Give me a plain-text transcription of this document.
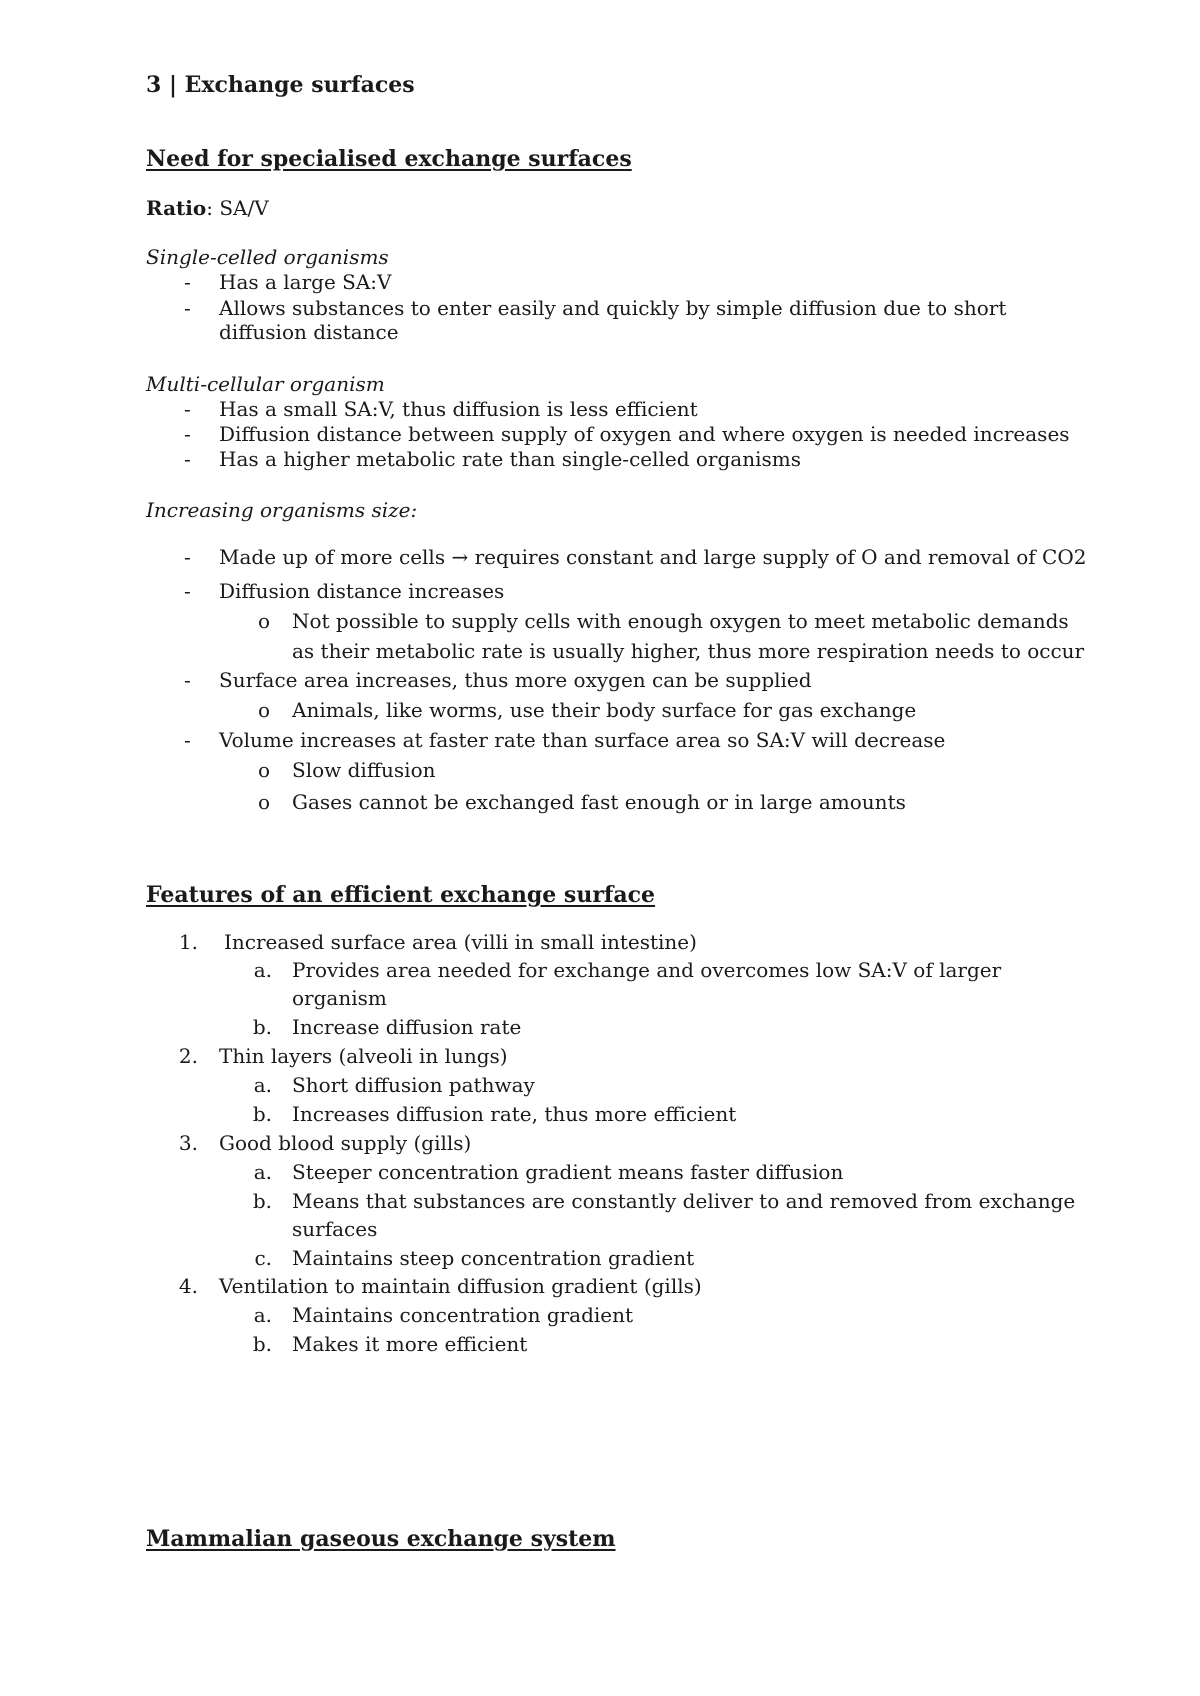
3 | Exchange surfaces
Need for specialised exchange surfaces
Ratio: SA/V
Single-celled organisms
- Has a large SA:V
- Allows substances to enter easily and quickly by simple diffusion due to short
diffusion distance
Multi-cellular organism
- Has a small SA:V, thus diffusion is less efficient
- Diffusion distance between supply of oxygen and where oxygen is needed increases
- Has a higher metabolic rate than single-celled organisms
Increasing organisms size:
- Made up of more cells → requires constant and large supply of O and removal of CO2
- Diffusion distance increases
o Not possible to supply cells with enough oxygen to meet metabolic demands
as their metabolic rate is usually higher, thus more respiration needs to occur
- Surface area increases, thus more oxygen can be supplied
o Animals, like worms, use their body surface for gas exchange
- Volume increases at faster rate than surface area so SA:V will decrease
o Slow diffusion
o Gases cannot be exchanged fast enough or in large amounts
Features of an efficient exchange surface
1. Increased surface area (villi in small intestine)
a. Provides area needed for exchange and overcomes low SA:V of larger
organism
b. Increase diffusion rate
2. Thin layers (alveoli in lungs)
a. Short diffusion pathway
b. Increases diffusion rate, thus more efficient
3. Good blood supply (gills)
a. Steeper concentration gradient means faster diffusion
b. Means that substances are constantly deliver to and removed from exchange
surfaces
c. Maintains steep concentration gradient
4. Ventilation to maintain diffusion gradient (gills)
a. Maintains concentration gradient
b. Makes it more efficient
Mammalian gaseous exchange system
